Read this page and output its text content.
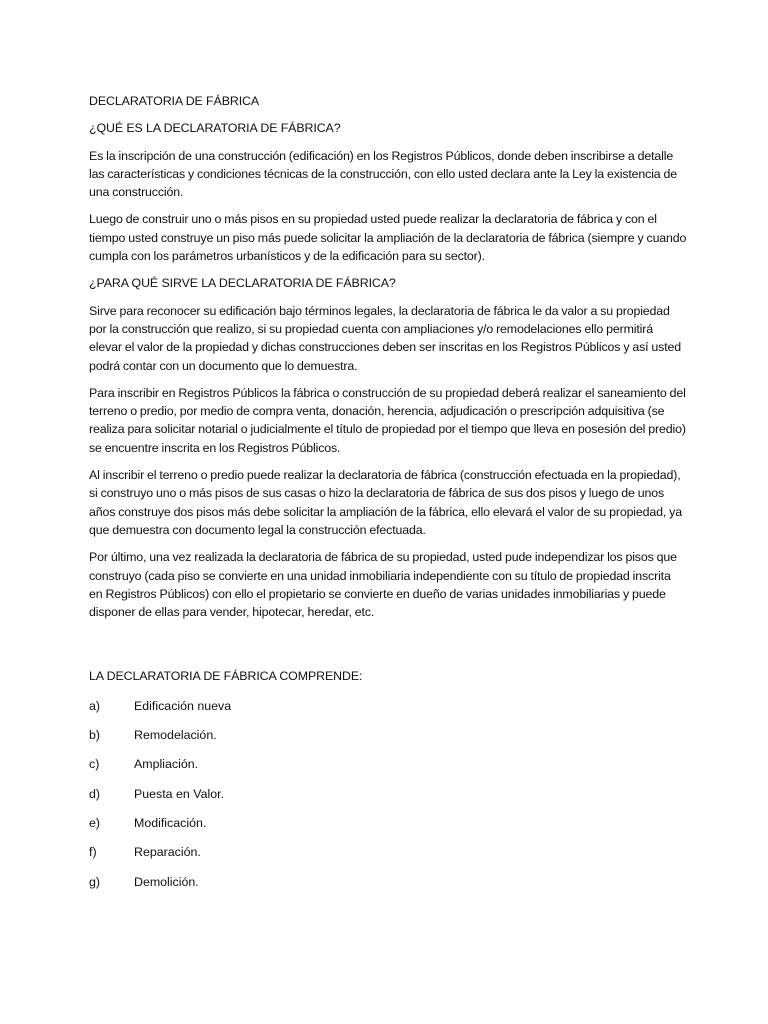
DECLARATORIA DE FÁBRICA
¿QUÉ ES LA DECLARATORIA DE FÁBRICA?
Es la inscripción de una construcción (edificación) en los Registros Públicos, donde deben inscribirse a detalle las características y condiciones técnicas de la construcción, con ello usted declara ante la Ley la existencia de una construcción.
Luego de construir uno o más pisos en su propiedad usted puede realizar la declaratoria de fábrica y con el tiempo usted construye un piso más puede solicitar la ampliación de la declaratoria de fábrica (siempre y cuando cumpla con los parámetros urbanísticos y de la edificación para su sector).
¿PARA QUÉ SIRVE LA DECLARATORIA DE FÁBRICA?
Sirve para reconocer su edificación bajo términos legales, la declaratoria de fábrica le da valor a su propiedad por la construcción que realizo, si su propiedad cuenta con ampliaciones y/o remodelaciones ello permitirá elevar el valor de la propiedad y dichas construcciones deben ser inscritas en los Registros Públicos y así usted podrá contar con un documento que lo demuestra.
Para inscribir en Registros Públicos la fábrica o construcción de su propiedad deberá realizar el saneamiento del terreno o predio, por medio de compra venta, donación, herencia, adjudicación o prescripción adquisitiva (se realiza para solicitar notarial o judicialmente el título de propiedad por el tiempo que lleva en posesión del predio) se encuentre inscrita en los Registros Públicos.
Al inscribir el terreno o predio puede realizar la declaratoria de fábrica (construcción efectuada en la propiedad), si construyo uno o más pisos de sus casas o hizo la declaratoria de fábrica de sus dos pisos y luego de unos años construye dos pisos más debe solicitar la ampliación de la fábrica, ello elevará el valor de su propiedad, ya que demuestra con documento legal la construcción efectuada.
Por último, una vez realizada la declaratoria de fábrica de su propiedad, usted pude independizar los pisos que construyo (cada piso se convierte en una unidad inmobiliaria independiente con su título de propiedad inscrita en Registros Públicos) con ello el propietario se convierte en dueño de varias unidades inmobiliarias y puede disponer de ellas para vender, hipotecar, heredar, etc.
LA DECLARATORIA DE FÁBRICA COMPRENDE:
a)	Edificación nueva
b)	Remodelación.
c)	Ampliación.
d)	Puesta en Valor.
e)	Modificación.
f)	Reparación.
g)	Demolición.
